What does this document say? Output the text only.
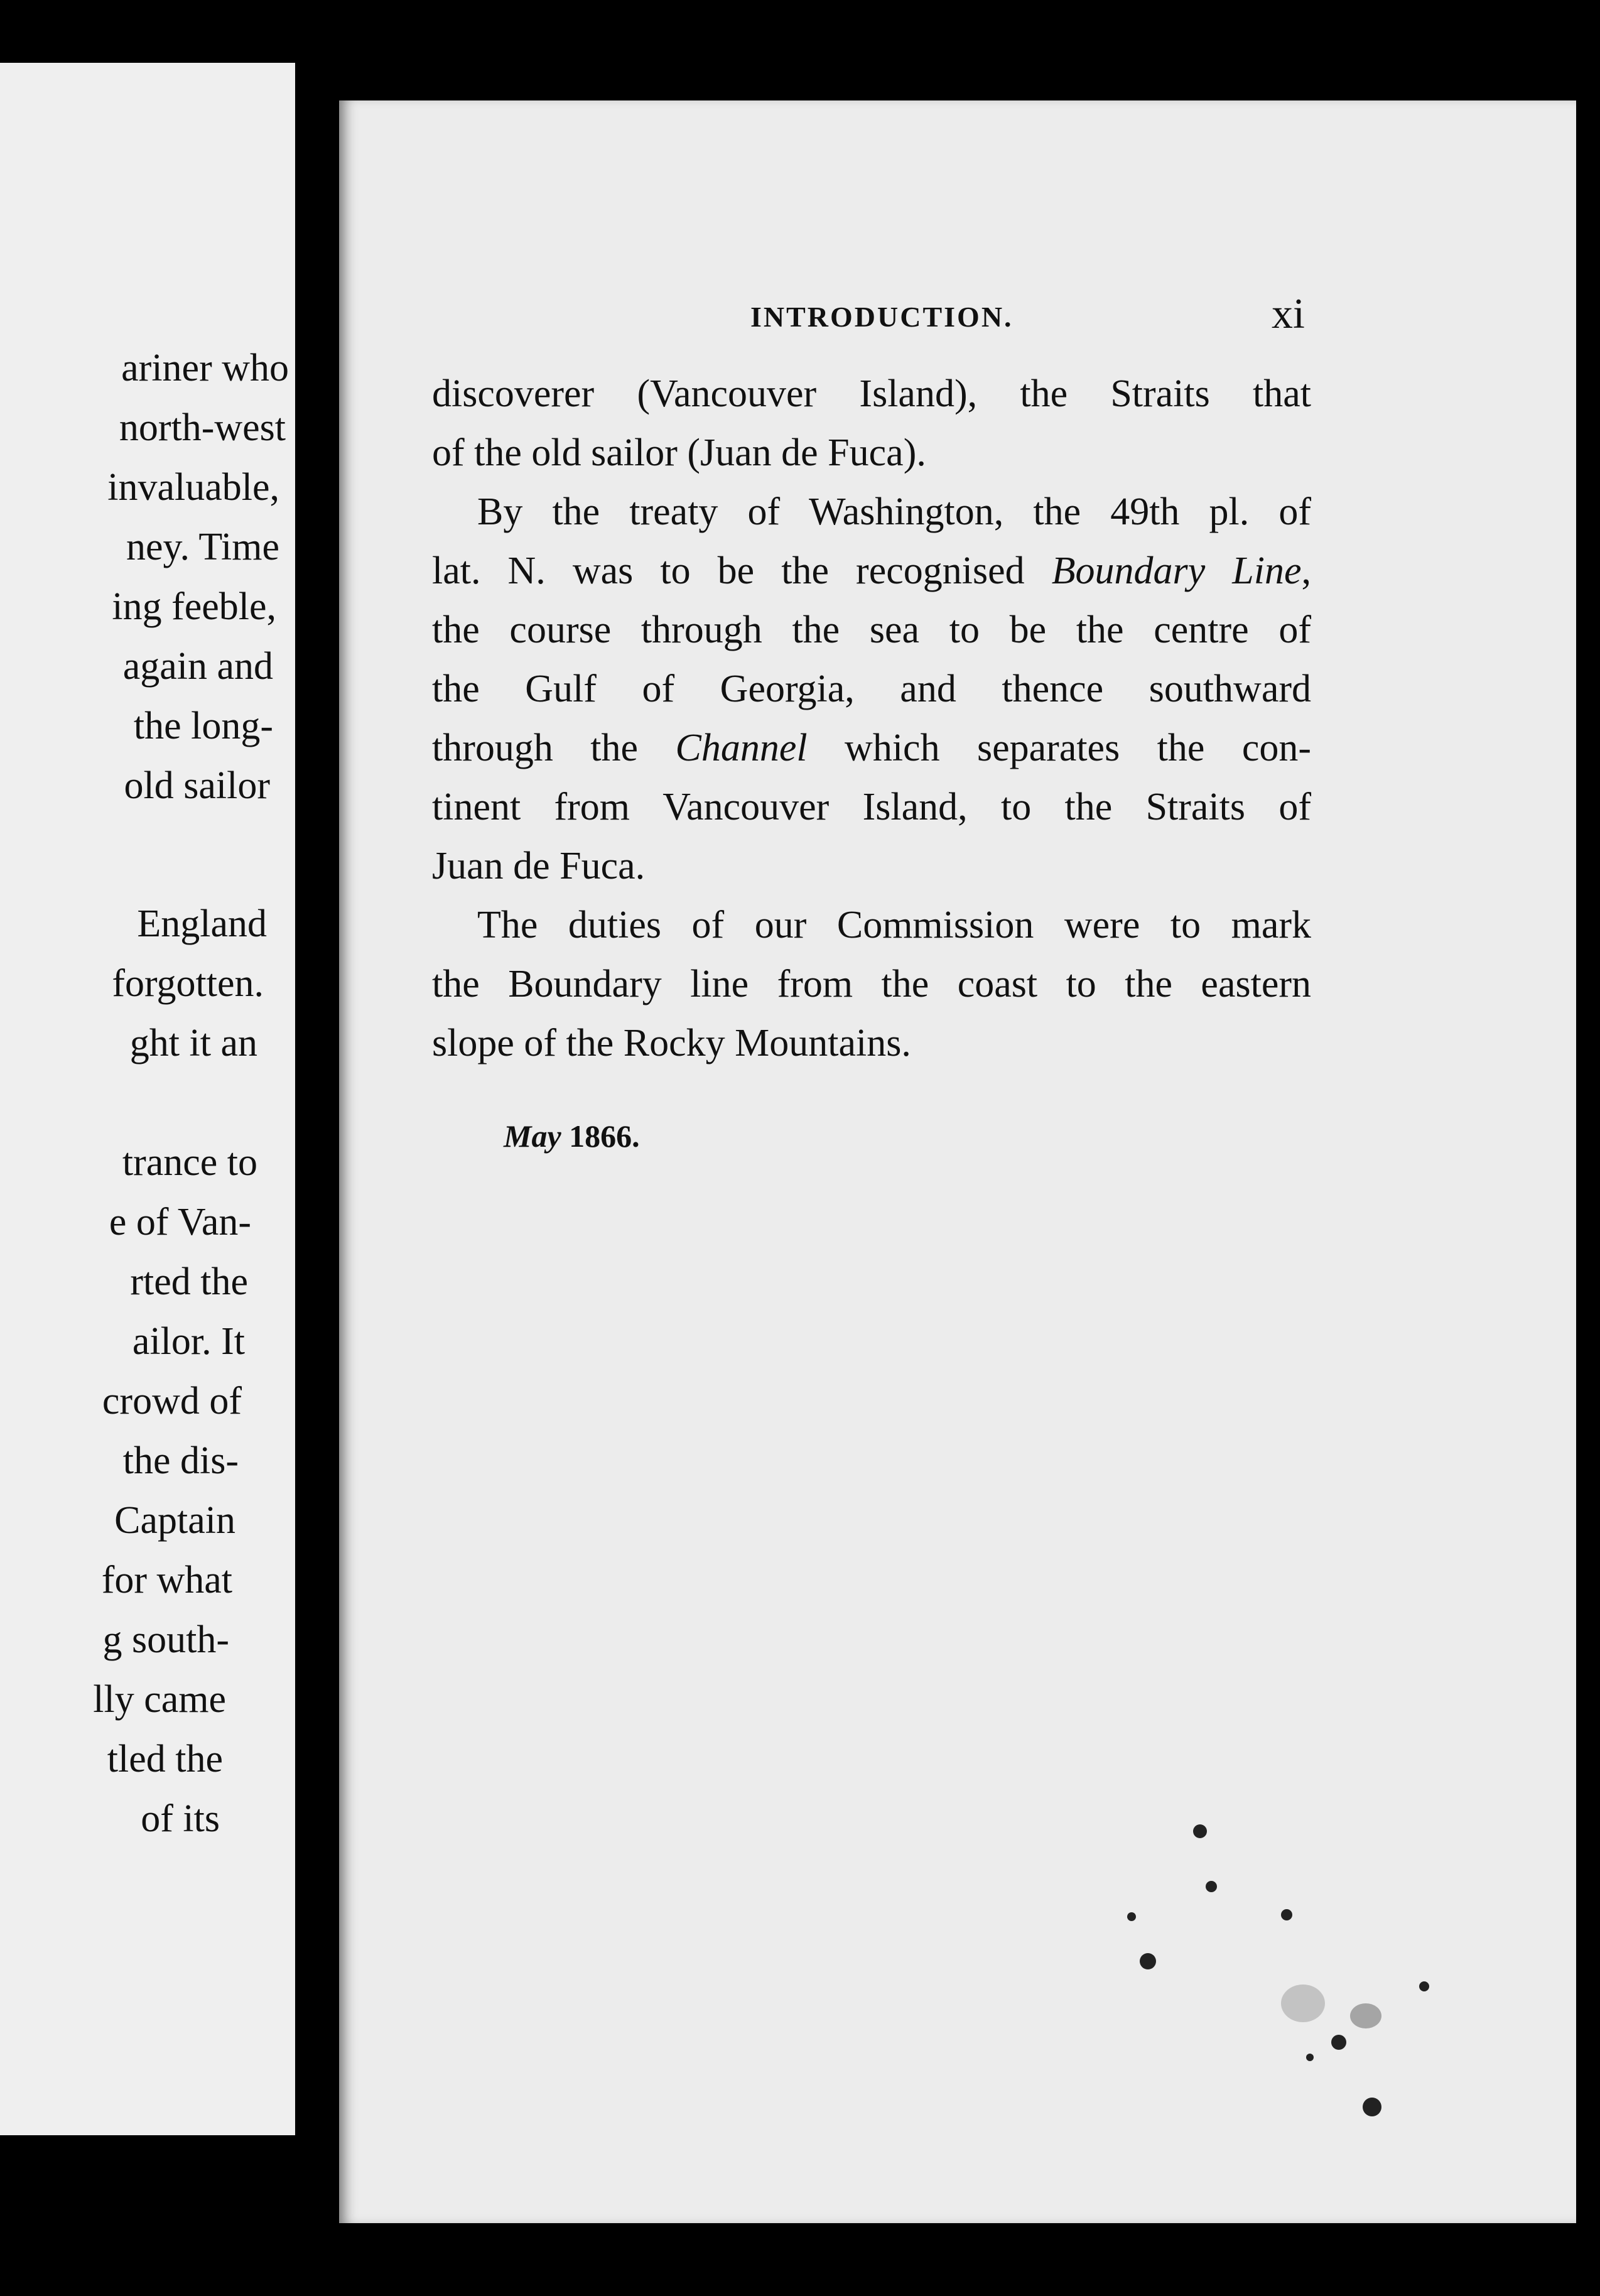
ariner who
north-west
invaluable,
ney. Time
ing feeble,
again and
the long-
old sailor
England
forgotten.
ght it an
trance to
e of Van-
rted the
ailor. It
crowd of
the dis-
Captain
for what
g south-
lly came
tled the
of its
INTRODUCTION.	xi

discoverer (Vancouver Island), the Straits that
of the old sailor (Juan de Fuca).

By the treaty of Washington, the 49th pl. of
lat. N. was to be the recognised Boundary Line,
the course through the sea to be the centre of
the Gulf of Georgia, and thence southward
through the Channel which separates the con-
tinent from Vancouver Island, to the Straits of
Juan de Fuca.

The duties of our Commission were to mark
the Boundary line from the coast to the eastern
slope of the Rocky Mountains.

May 1866.
